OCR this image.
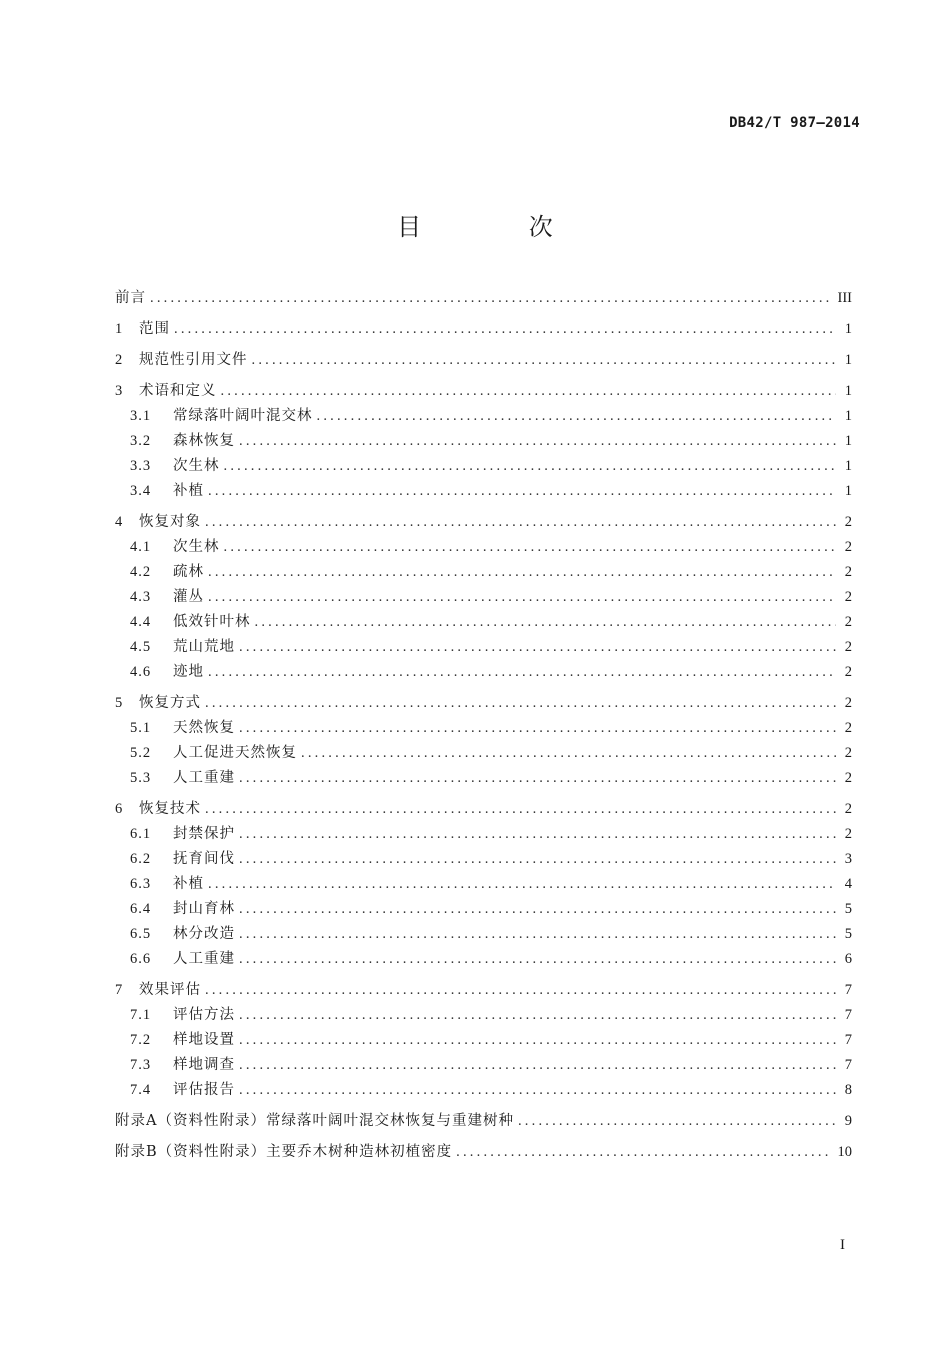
DB42/T 987—2014
目 次
前言 .....	III
1	范围 .....	1
2	规范性引用文件 .....	1
3	术语和定义 .....	1
3.1	常绿落叶阔叶混交林 .....	1
3.2	森林恢复 .....	1
3.3	次生林 .....	1
3.4	补植 .....	1
4	恢复对象 .....	2
4.1	次生林 .....	2
4.2	疏林 .....	2
4.3	灌丛 .....	2
4.4	低效针叶林 .....	2
4.5	荒山荒地 .....	2
4.6	迹地 .....	2
5	恢复方式 .....	2
5.1	天然恢复 .....	2
5.2	人工促进天然恢复 .....	2
5.3	人工重建 .....	2
6	恢复技术 .....	2
6.1	封禁保护 .....	2
6.2	抚育间伐 .....	3
6.3	补植 .....	4
6.4	封山育林 .....	5
6.5	林分改造 .....	5
6.6	人工重建 .....	6
7	效果评估 .....	7
7.1	评估方法 .....	7
7.2	样地设置 .....	7
7.3	样地调查 .....	7
7.4	评估报告 .....	8
附录A（资料性附录）常绿落叶阔叶混交林恢复与重建树种 .....	9
附录B（资料性附录）主要乔木树种造林初植密度 .....	10
I
